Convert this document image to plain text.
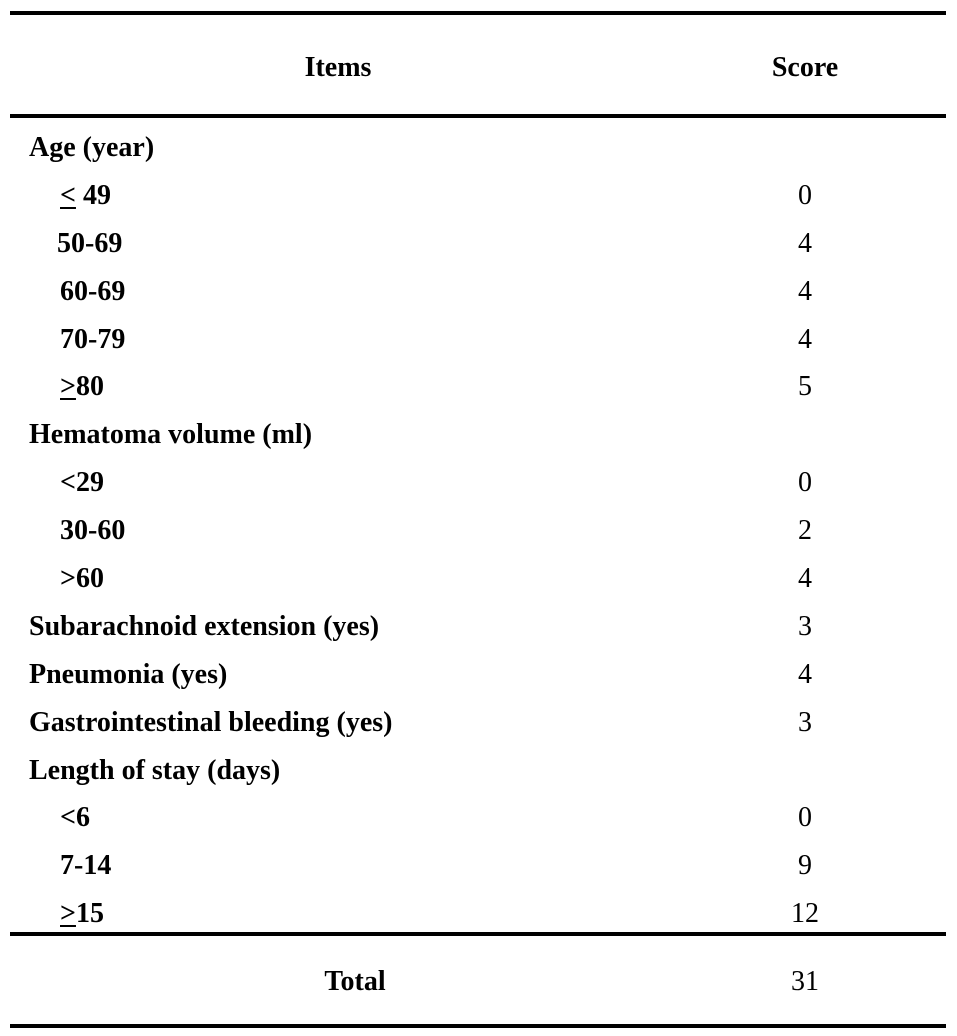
Items	Score
Age (year)
< 49	0
50-69	4
60-69	4
70-79	4
>80	5
Hematoma volume (ml)
<29	0
30-60	2
>60	4
Subarachnoid extension (yes)	3
Pneumonia (yes)	4
Gastrointestinal bleeding (yes)	3
Length of stay (days)
<6	0
7-14	9
>15	12
Total	31
